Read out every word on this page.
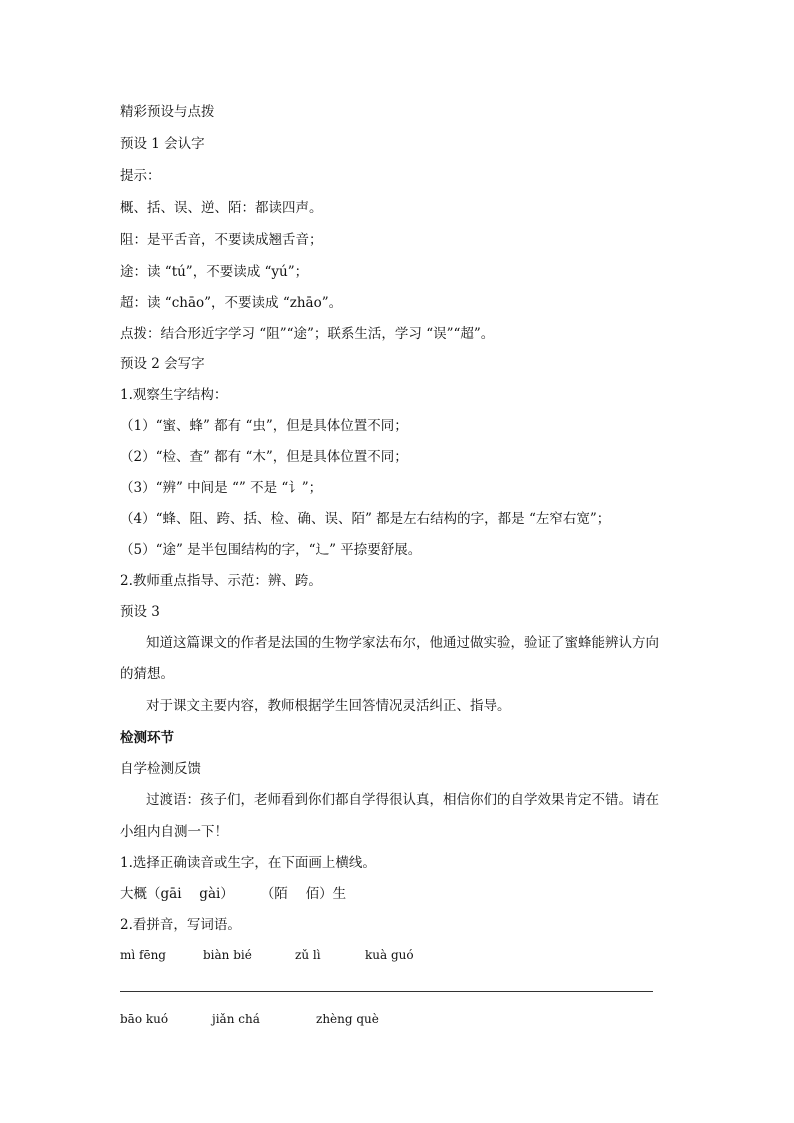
精彩预设与点拨
预设 1 会认字
提示：
概、括、误、逆、陌：都读四声。
阻：是平舌音，不要读成翘舌音；
途：读 “tú”，不要读成 “yú”；
超：读 “chāo”，不要读成 “zhāo”。
点拨：结合形近字学习 “阻”“途”；联系生活，学习 “误”“超”。
预设 2 会写字
1.观察生字结构：
（1）“蜜、蜂” 都有 “虫”，但是具体位置不同；
（2）“检、查” 都有 “木”，但是具体位置不同；
（3）“辨” 中间是 “” 不是 “讠”；
（4）“蜂、阻、跨、括、检、确、误、陌” 都是左右结构的字，都是 “左窄右宽”；
（5）“途” 是半包围结构的字，“辶” 平捺要舒展。
2.教师重点指导、示范：辨、跨。
预设 3
知道这篇课文的作者是法国的生物学家法布尔，他通过做实验，验证了蜜蜂能辨认方向
的猜想。
对于课文主要内容，教师根据学生回答情况灵活纠正、指导。
检测环节
自学检测反馈
过渡语：孩子们，老师看到你们都自学得很认真，相信你们的自学效果肯定不错。请在
小组内自测一下！
1.选择正确读音或生字，在下面画上横线。
大概（gāi　 gài）　　　（陌　 佰）生
2.看拼音，写词语。
mì fēng	biàn bié	zǔ lì	kuà guó
bāo kuó	jiǎn chá	zhèng què
